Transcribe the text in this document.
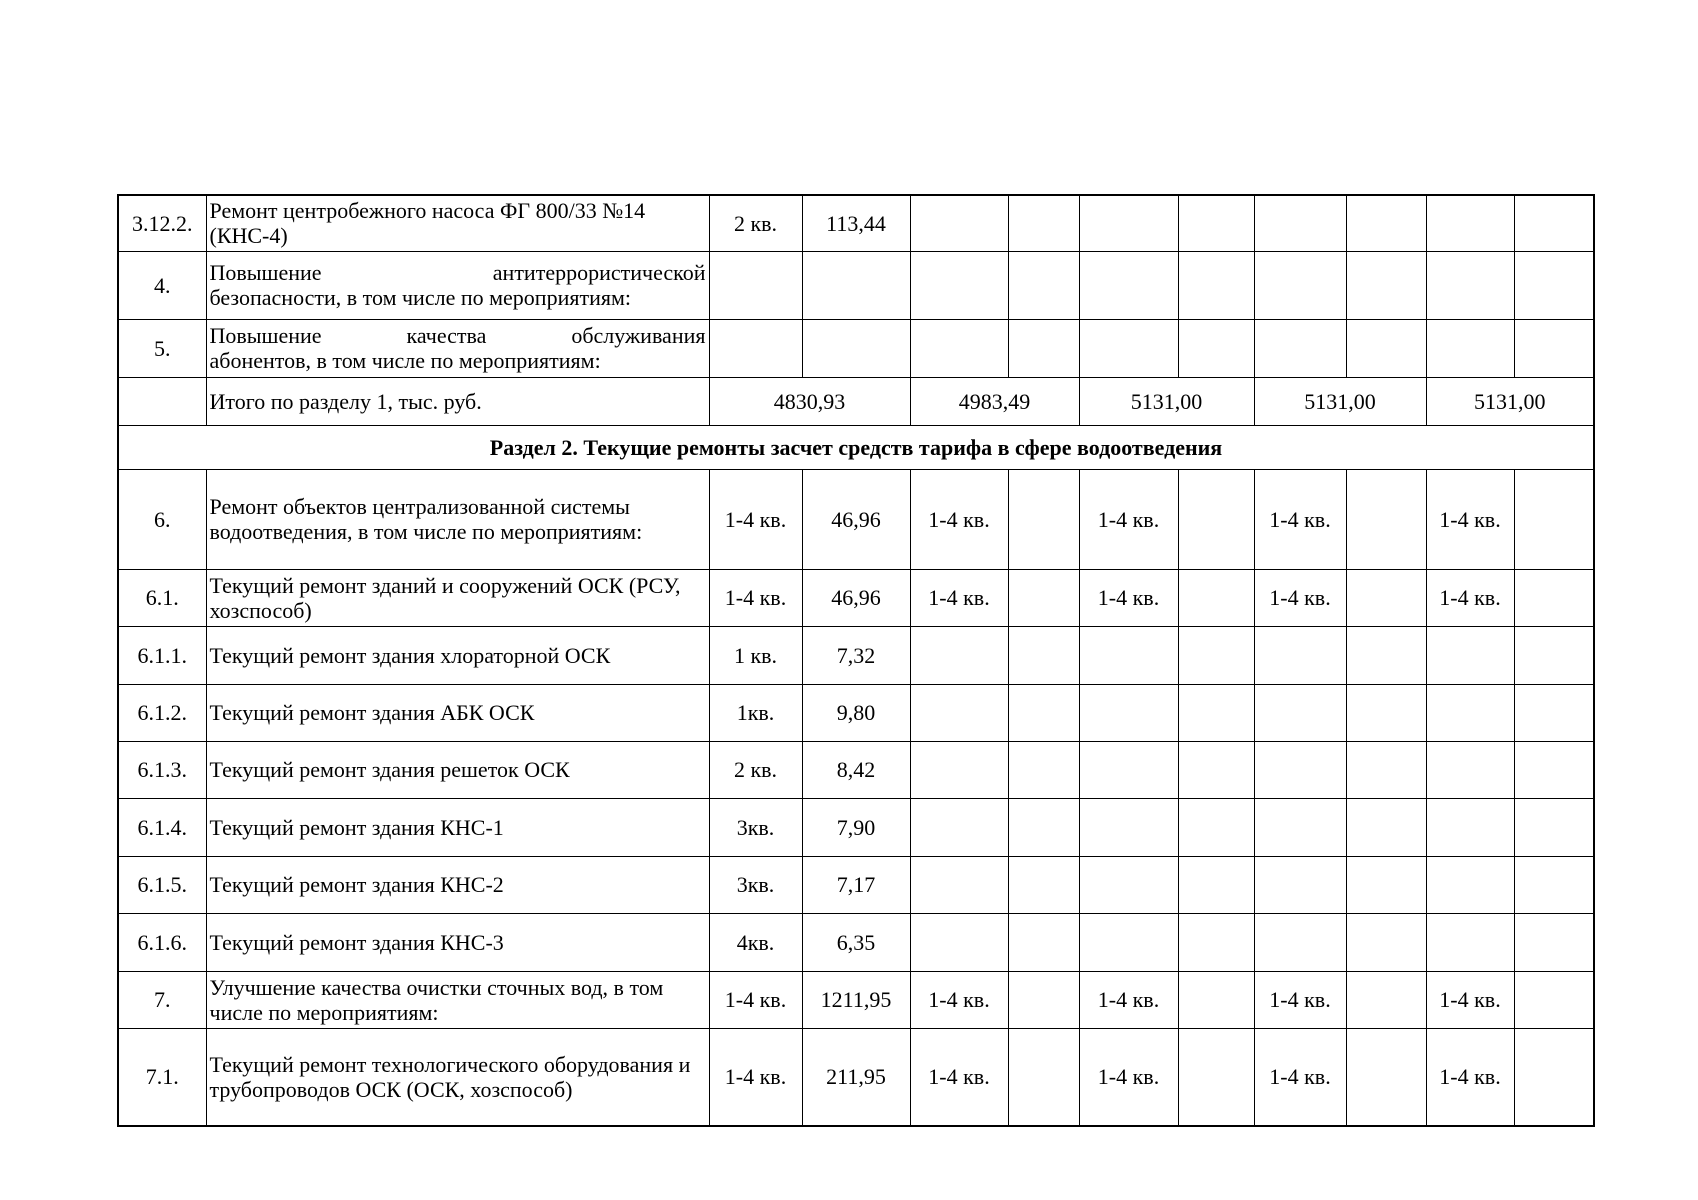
3.12.2.	Ремонт центробежного насоса ФГ 800/33 №14 (КНС-4)	2 кв.	113,44								
4.	Повышение антитеррористической
безопасности, в том числе по мероприятиям:										

5.	Повышение качества обслуживания
абонентов, в том числе по мероприятиям:										

	Итого по разделу 1, тыс. руб.	4830,93		4983,49		5131,00		5131,00		5131,00	
Раздел 2. Текущие ремонты засчет средств тарифа в сфере водоотведения											
6.	Ремонт объектов централизованной системы водоотведения, в том числе по мероприятиям:	1-4 кв.	46,96	1-4 кв.		1-4 кв.		1-4 кв.		1-4 кв.	
6.1.	Текущий ремонт зданий и сооружений ОСК (РСУ, хозспособ)	1-4 кв.	46,96	1-4 кв.		1-4 кв.		1-4 кв.		1-4 кв.	
6.1.1.	Текущий ремонт здания хлораторной ОСК	1 кв.	7,32								
6.1.2.	Текущий ремонт здания АБК ОСК	1кв.	9,80								
6.1.3.	Текущий ремонт здания решеток ОСК	2 кв.	8,42								
6.1.4.	Текущий ремонт здания КНС-1	3кв.	7,90								
6.1.5.	Текущий ремонт здания КНС-2	3кв.	7,17								
6.1.6.	Текущий ремонт здания КНС-3	4кв.	6,35								
7.	Улучшение качества очистки сточных вод, в том числе по мероприятиям:	1-4 кв.	1211,95	1-4 кв.		1-4 кв.		1-4 кв.		1-4 кв.	
7.1.	Текущий ремонт технологического оборудования и трубопроводов ОСК (ОСК, хозспособ)	1-4 кв.	211,95	1-4 кв.		1-4 кв.		1-4 кв.		1-4 кв.	
